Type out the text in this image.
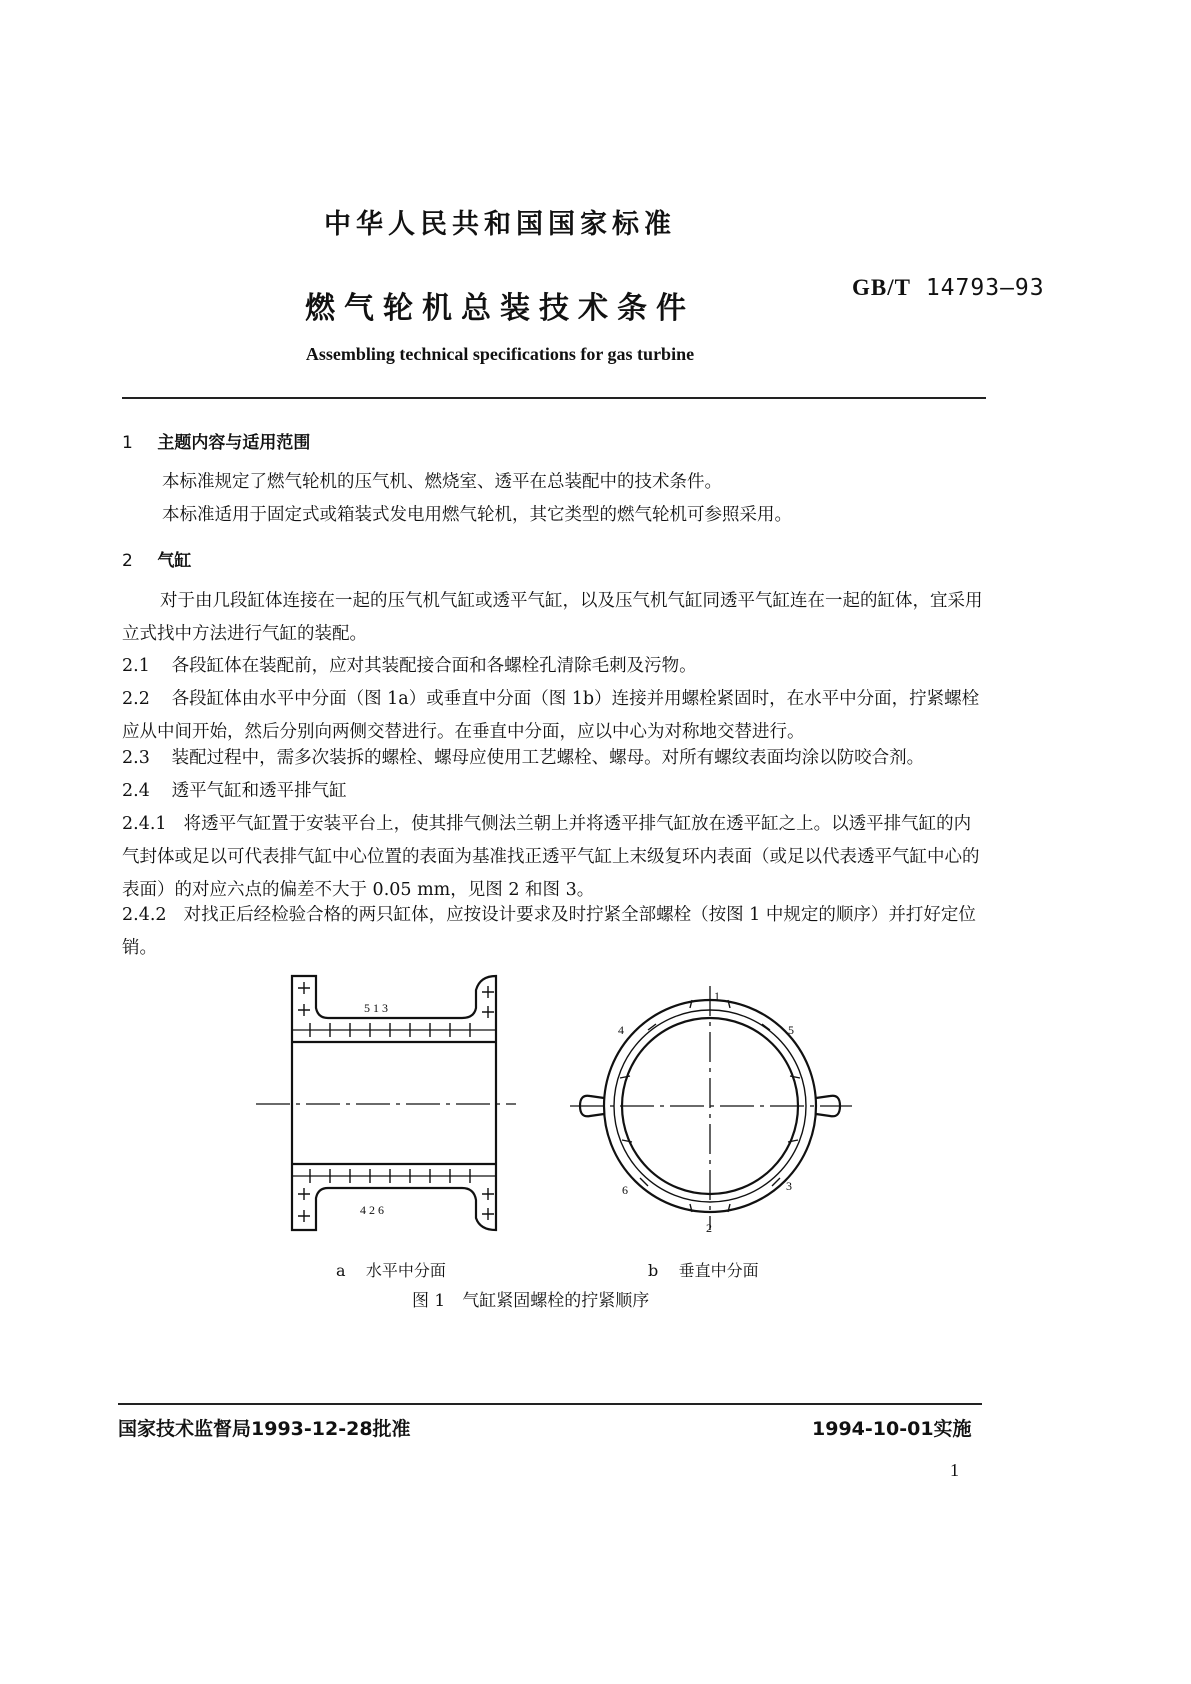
中华人民共和国国家标准
燃气轮机总装技术条件
GB/T 14793—93
Assembling technical specifications for gas turbine
1 主题内容与适用范围
本标准规定了燃气轮机的压气机、燃烧室、透平在总装配中的技术条件。
本标准适用于固定式或箱装式发电用燃气轮机，其它类型的燃气轮机可参照采用。
2 气缸
对于由几段缸体连接在一起的压气机气缸或透平气缸，以及压气机气缸同透平气缸连在一起的缸体，宜采用立式找中方法进行气缸的装配。
2.1 各段缸体在装配前，应对其装配接合面和各螺栓孔清除毛刺及污物。
2.2 各段缸体由水平中分面（图 1a）或垂直中分面（图 1b）连接并用螺栓紧固时，在水平中分面，拧紧螺栓应从中间开始，然后分别向两侧交替进行。在垂直中分面，应以中心为对称地交替进行。
2.3 装配过程中，需多次装拆的螺栓、螺母应使用工艺螺栓、螺母。对所有螺纹表面均涂以防咬合剂。
2.4 透平气缸和透平排气缸
2.4.1 将透平气缸置于安装平台上，使其排气侧法兰朝上并将透平排气缸放在透平缸之上。以透平排气缸的内气封体或足以可代表排气缸中心位置的表面为基准找正透平气缸上末级复环内表面（或足以代表透平气缸中心的表面）的对应六点的偏差不大于 0.05 mm，见图 2 和图 3。
2.4.2 对找正后经检验合格的两只缸体，应按设计要求及时拧紧全部螺栓（按图 1 中规定的顺序）并打好定位销。
5 1 3
4 2 6
1
2
3
4	5
6
a 水平中分面	b 垂直中分面
图 1　气缸紧固螺栓的拧紧顺序
国家技术监督局1993-12-28批准	1994-10-01实施
1
